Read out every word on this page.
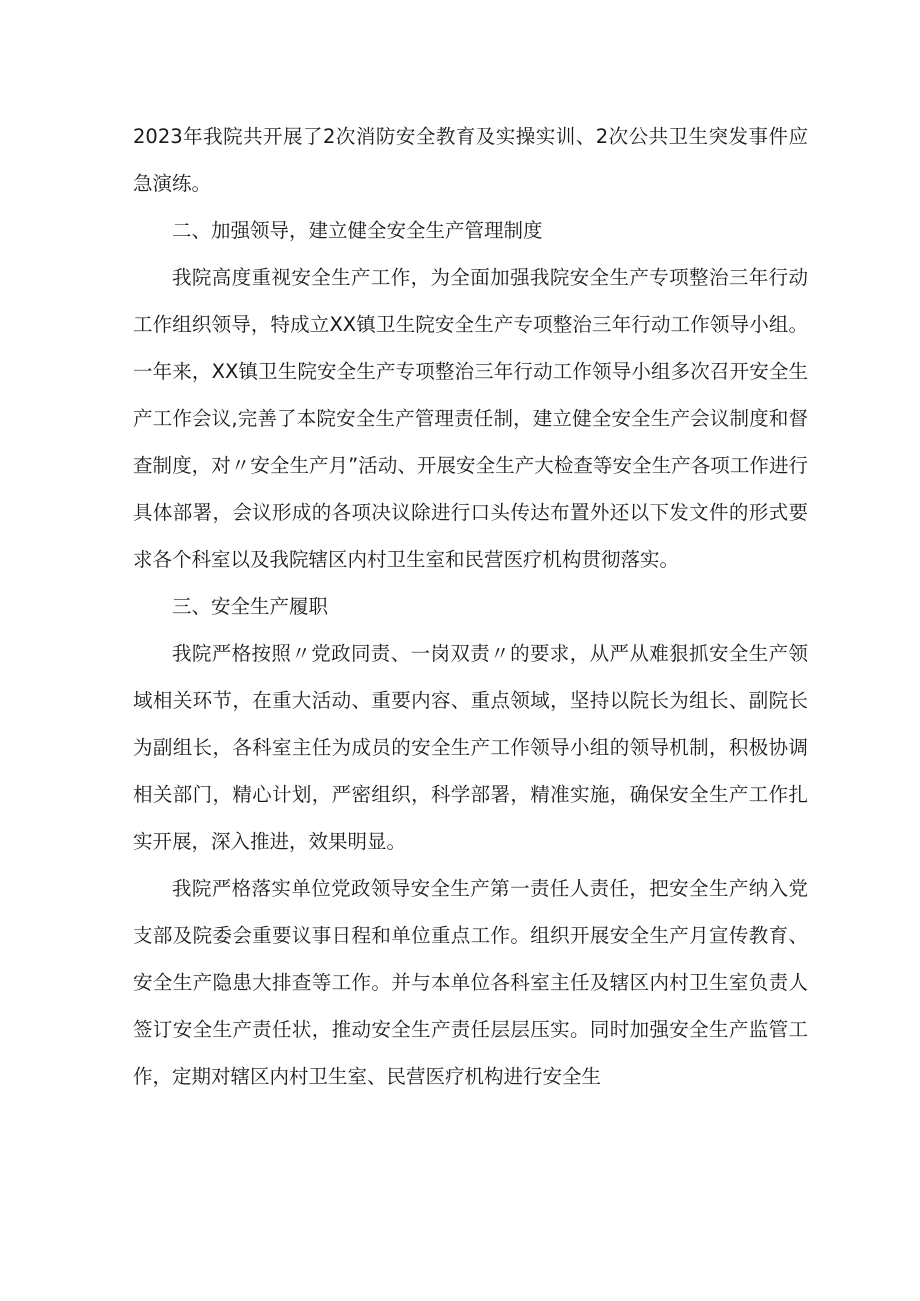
2023年我院共开展了2次消防安全教育及实操实训、2次公共卫生突发事件应急演练。

二、加强领导，建立健全安全生产管理制度

我院高度重视安全生产工作，为全面加强我院安全生产专项整治三年行动工作组织领导，特成立XX镇卫生院安全生产专项整治三年行动工作领导小组。一年来，XX镇卫生院安全生产专项整治三年行动工作领导小组多次召开安全生产工作会议,完善了本院安全生产管理责任制，建立健全安全生产会议制度和督查制度，对〃安全生产月”活动、开展安全生产大检查等安全生产各项工作进行具体部署，会议形成的各项决议除进行口头传达布置外还以下发文件的形式要求各个科室以及我院辖区内村卫生室和民营医疗机构贯彻落实。

三、安全生产履职

我院严格按照〃党政同责、一岗双责〃的要求，从严从难狠抓安全生产领域相关环节，在重大活动、重要内容、重点领域，坚持以院长为组长、副院长为副组长，各科室主任为成员的安全生产工作领导小组的领导机制，积极协调相关部门，精心计划，严密组织，科学部署，精准实施，确保安全生产工作扎实开展，深入推进，效果明显。

我院严格落实单位党政领导安全生产第一责任人责任，把安全生产纳入党支部及院委会重要议事日程和单位重点工作。组织开展安全生产月宣传教育、安全生产隐患大排查等工作。并与本单位各科室主任及辖区内村卫生室负责人签订安全生产责任状，推动安全生产责任层层压实。同时加强安全生产监管工作，定期对辖区内村卫生室、民营医疗机构进行安全生
